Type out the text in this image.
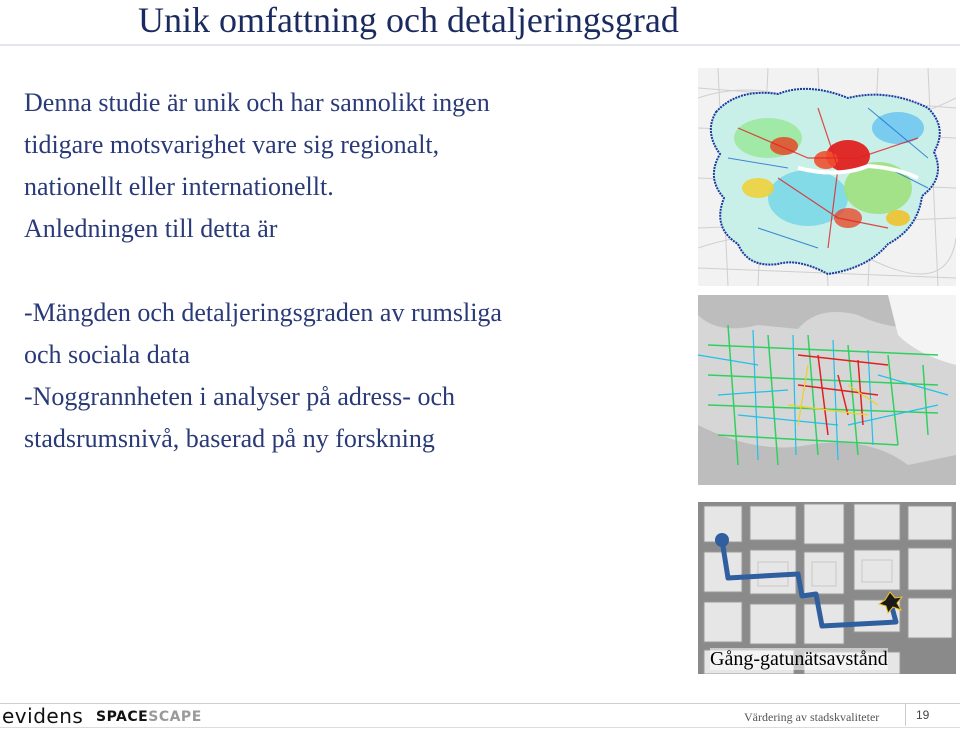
Unik omfattning och detaljeringsgrad

Denna studie är unik och har sannolikt ingen

tidigare motsvarighet vare sig regionalt,

nationellt eller internationellt.

Anledningen till detta är

-Mängden och detaljeringsgraden av rumsliga

och sociala data

-Noggrannheten i analyser på adress- och

stadsrumsnivå, baserad på ny forskning

Gång-gatunätsavstånd
evidens SPACESCAPE	Värdering av stadskvaliteter	19
